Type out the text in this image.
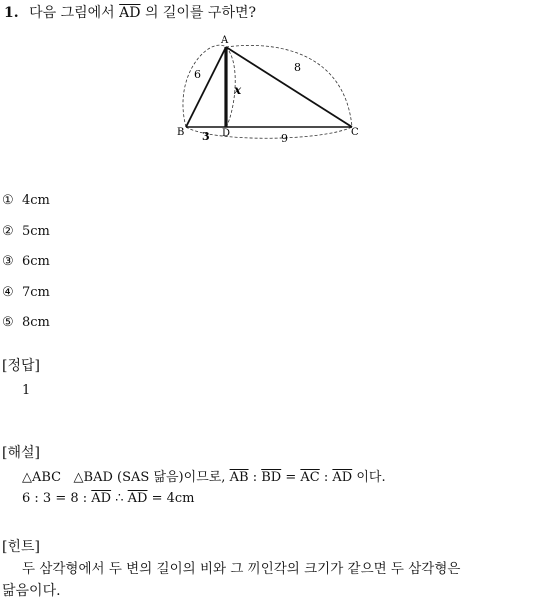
1. 다음 그림에서 $\overline{AD}$ 의 길이를 구하면?
A
B	D	C
6
8
x
3	9
① 4cm
② 5cm
③ 6cm
④ 7cm
⑤ 8cm
[정답]
1
[해설]
△ABC △BAD (SAS 닮음)이므로, $\overline{AB}$ : $\overline{BD} = \overline{AC}$ : $\overline{AD}$ 이다.
6 : 3 = 8 : $\overline{AD}$ ∴ $\overline{AD} = 4cm$
[힌트]
두 삼각형에서 두 변의 길이의 비와 그 끼인각의 크기가 같으면 두 삼각형은
닮음이다.
